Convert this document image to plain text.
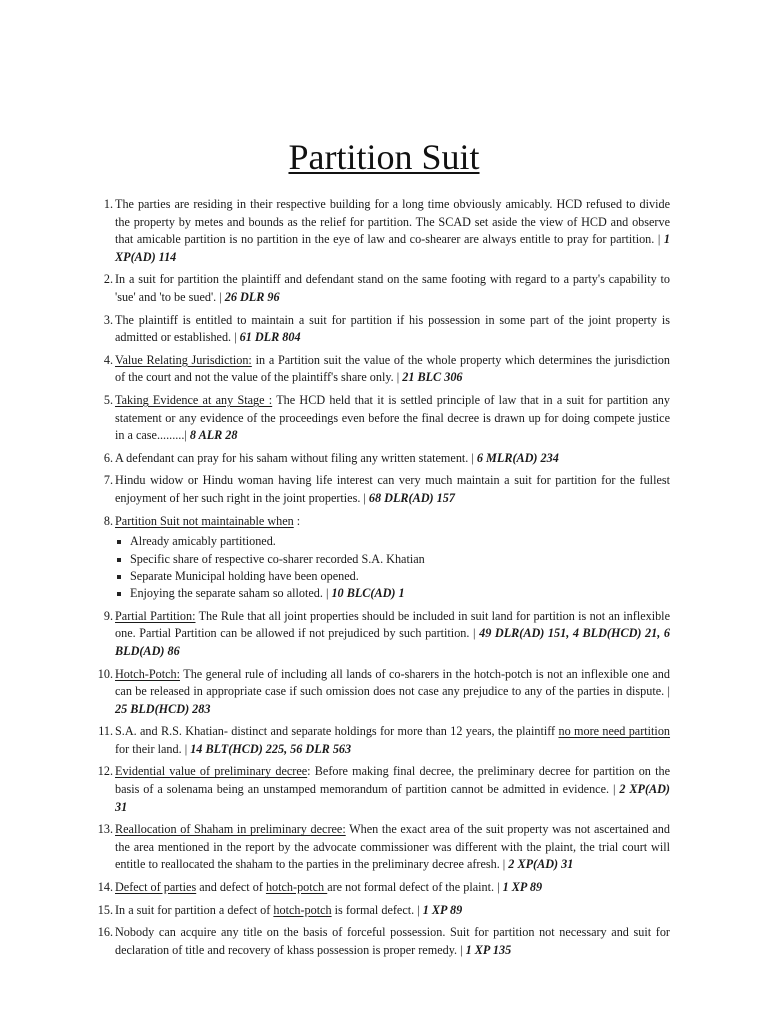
Partition Suit
1. The parties are residing in their respective building for a long time obviously amicably. HCD refused to divide the property by metes and bounds as the relief for partition. The SCAD set aside the view of HCD and observe that amicable partition is no partition in the eye of law and co-shearer are always entitle to pray for partition. | 1 XP(AD) 114
2. In a suit for partition the plaintiff and defendant stand on the same footing with regard to a party's capability to 'sue' and 'to be sued'. | 26 DLR 96
3. The plaintiff is entitled to maintain a suit for partition if his possession in some part of the joint property is admitted or established. | 61 DLR 804
4. Value Relating Jurisdiction: in a Partition suit the value of the whole property which determines the jurisdiction of the court and not the value of the plaintiff's share only. | 21 BLC 306
5. Taking Evidence at any Stage : The HCD held that it is settled principle of law that in a suit for partition any statement or any evidence of the proceedings even before the final decree is drawn up for doing compete justice in a case.........| 8 ALR 28
6. A defendant can pray for his saham without filing any written statement. | 6 MLR(AD) 234
7. Hindu widow or Hindu woman having life interest can very much maintain a suit for partition for the fullest enjoyment of her such right in the joint properties. | 68 DLR(AD) 157
8. Partition Suit not maintainable when :
Already amicably partitioned.
Specific share of respective co-sharer recorded S.A. Khatian
Separate Municipal holding have been opened.
Enjoying the separate saham so alloted. | 10 BLC(AD) 1
9. Partial Partition: The Rule that all joint properties should be included in suit land for partition is not an inflexible one. Partial Partition can be allowed if not prejudiced by such partition. | 49 DLR(AD) 151, 4 BLD(HCD) 21, 6 BLD(AD) 86
10. Hotch-Potch: The general rule of including all lands of co-sharers in the hotch-potch is not an inflexible one and can be released in appropriate case if such omission does not case any prejudice to any of the parties in dispute. | 25 BLD(HCD) 283
11. S.A. and R.S. Khatian- distinct and separate holdings for more than 12 years, the plaintiff no more need partition for their land. | 14 BLT(HCD) 225, 56 DLR 563
12. Evidential value of preliminary decree: Before making final decree, the preliminary decree for partition on the basis of a solenama being an unstamped memorandum of partition cannot be admitted in evidence. | 2 XP(AD) 31
13. Reallocation of Shaham in preliminary decree: When the exact area of the suit property was not ascertained and the area mentioned in the report by the advocate commissioner was different with the plaint, the trial court will entitle to reallocated the shaham to the parties in the preliminary decree afresh. | 2 XP(AD) 31
14. Defect of parties and defect of hotch-potch are not formal defect of the plaint. | 1 XP 89
15. In a suit for partition a defect of hotch-potch is formal defect. | 1 XP 89
16. Nobody can acquire any title on the basis of forceful possession. Suit for partition not necessary and suit for declaration of title and recovery of khass possession is proper remedy. | 1 XP 135
